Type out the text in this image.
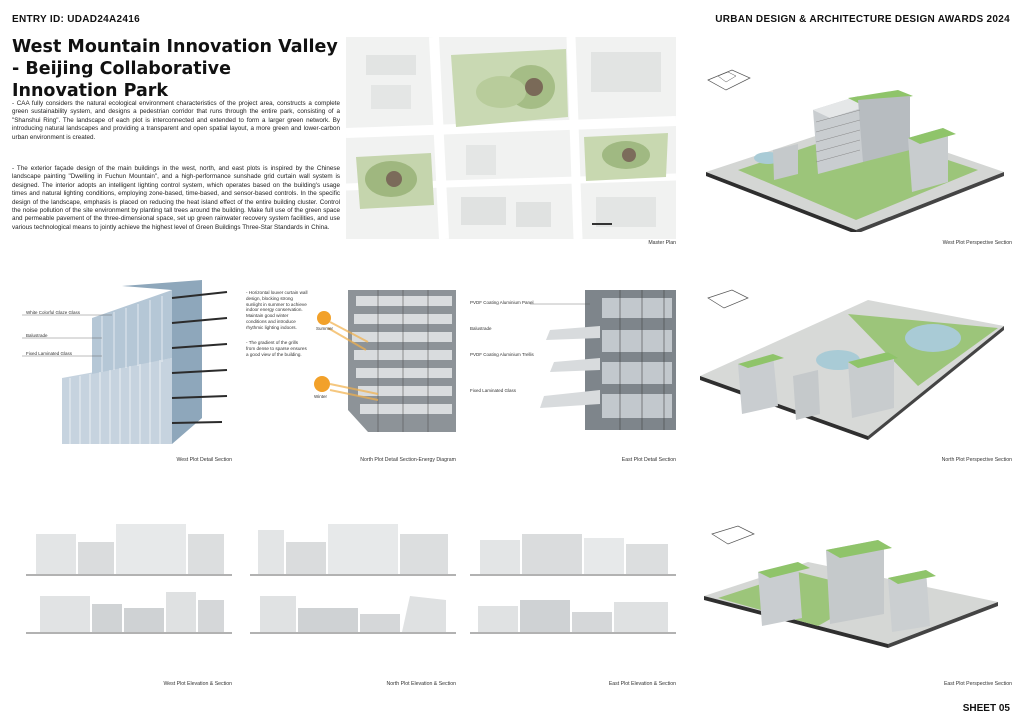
ENTRY ID: UDAD24A2416	URBAN DESIGN & ARCHITECTURE DESIGN AWARDS 2024
SHEET 05
West Mountain Innovation Valley
- Beijing Collaborative Innovation Park
- CAA fully considers the natural ecological environment characteristics of the project area, constructs a complete green sustainability system, and designs a pedestrian corridor that runs through the entire park, consisting of a "Shanshui Ring". The landscape of each plot is interconnected and extended to form a larger green network. By introducing natural landscapes and providing a transparent and open spatial layout, a more green and lower-carbon urban environment is created.
- The exterior façade design of the main buildings in the west, north, and east plots is inspired by the Chinese landscape painting "Dwelling in Fuchun Mountain", and a high-performance sunshade grid curtain wall system is designed. The interior adopts an intelligent lighting control system, which operates based on the building's usage times and natural lighting conditions, employing zone-based, time-based, and sensor-based controls. In the specific design of the landscape, emphasis is placed on reducing the heat island effect of the entire building cluster. Control the noise pollution of the site environment by planting tall trees around the building. Make full use of the green space and permeable pavement of the three-dimensional space, set up green rainwater recovery system facilities, and use various technological means to jointly achieve the highest level of Green Buildings Three-Star Standards in China.
Master Plan	West Plot Perspective Section
White Colorful Glaze Glass
Balustrade
Fixed Laminated Glass
West Plot Detail Section
- Horizontal louver curtain wall design, blocking strong sunlight in summer to achieve indoor energy conservation. Maintain good winter conditions and introduce rhythmic lighting indoors.
- The gradient of the grills from dense to sparse ensures a good view of the building.
Summer
Winter
North Plot Detail Section-Energy Diagram
PVDF Coating Aluminium Panel
Balustrade
PVDF Coating Aluminium Trellis
Fixed Laminated Glass
East Plot Detail Section	North Plot Perspective Section
West Plot Elevation & Section	North Plot Elevation & Section	East Plot Elevation & Section	East Plot Perspective Section
